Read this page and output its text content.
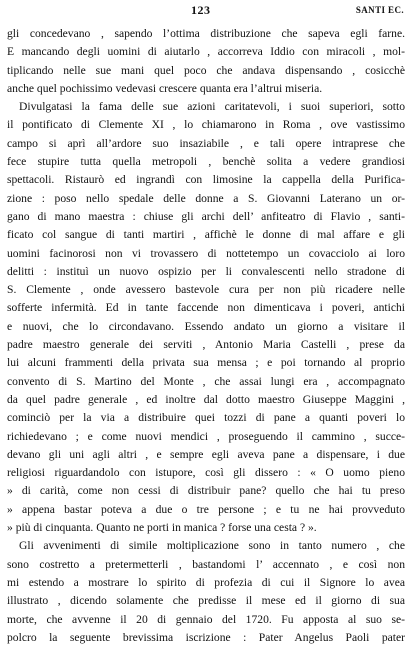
123	SANTI EC.
gli concedevano , sapendo l’ottima distribuzione che sapeva egli farne.
E mancando degli uomini di aiutarlo , accorreva Iddio con miracoli , mol-
tiplicando nelle sue mani quel poco che andava dispensando , cosicchè
anche quel pochissimo vedevasi crescere quanta era l’altrui miseria.
Divulgatasi la fama delle sue azioni caritatevoli, i suoi superiori, sotto
il pontificato di Clemente XI , lo chiamarono in Roma , ove vastissimo
campo si aprì all’ardore suo insaziabile , e tali opere intraprese che
fece stupire tutta quella metropoli , benchè solita a vedere grandiosi
spettacoli. Ristaurò ed ingrandì con limosine la cappella della Purifica-
zione : poso nello spedale delle donne a S. Giovanni Laterano un or-
gano di mano maestra : chiuse gli archi dell’ anfiteatro di Flavio , santi-
ficato col sangue di tanti martiri , affichè le donne di mal affare e gli
uomini facinorosi non vi trovassero di nottetempo un covacciolo ai loro
delitti : instituì un nuovo ospizio per li convalescenti nello stradone di
S. Clemente , onde avessero bastevole cura per non più ricadere nelle
sofferte infermità. Ed in tante faccende non dimenticava i poveri, antichi
e nuovi, che lo circondavano. Essendo andato un giorno a visitare il
padre maestro generale dei serviti , Antonio Maria Castelli , prese da
lui alcuni frammenti della privata sua mensa ; e poi tornando al proprio
convento di S. Martino del Monte , che assai lungi era , accompagnato
da quel padre generale , ed inoltre dal dotto maestro Giuseppe Maggini ,
cominciò per la via a distribuire quei tozzi di pane a quanti poveri lo
richiedevano ; e come nuovi mendici , proseguendo il cammino , succe-
devano gli uni agli altri , e sempre egli aveva pane a dispensare, i due
religiosi riguardandolo con istupore, così gli dissero : « O uomo pieno
» di carità, come non cessi di distribuir pane? quello che hai tu preso
» appena bastar poteva a due o tre persone ; e tu ne hai provveduto
» più di cinquanta. Quanto ne porti in manica ? forse una cesta ? ».
Gli avvenimenti di simile moltiplicazione sono in tanto numero , che
sono costretto a pretermetterli , bastandomi l’ accennato , e così non
mi estendo a mostrare lo spirito di profezia di cui il Signore lo avea
illustrato , dicendo solamente che predisse il mese ed il giorno di sua
morte, che avvenne il 20 di gennaio del 1720. Fu apposta al suo se-
polcro la seguente brevissima iscrizione : Pater Angelus Paoli pater
